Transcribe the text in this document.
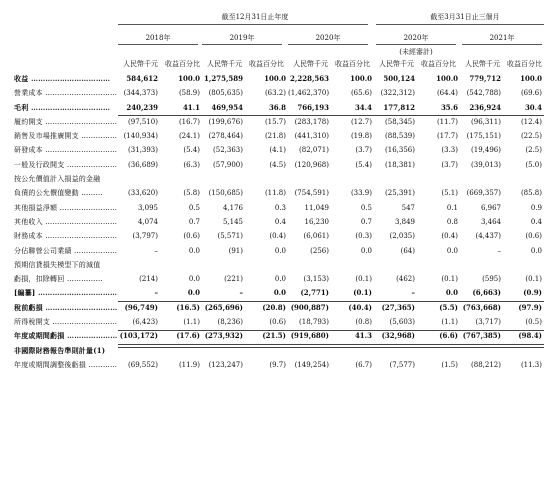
截至12月31日止年度	截至3月31日止三個月
2018年	2019年	2020年	2020年	2021年
(未經審計)
人民幣千元	收益百分比	人民幣千元	收益百分比	人民幣千元	收益百分比	人民幣千元	收益百分比	人民幣千元	收益百分比
收益 ……………………………	584,612	100.0	1,275,589	100.0	2,228,563	100.0	500,124	100.0	779,712	100.0
營業成本 …………………………	(344,373)	(58.9)	(805,635)	(63.2)	(1,462,370)	(65.6)	(322,312)	(64.4)	(542,788)	(69.6)
毛利 ……………………………	240,239	41.1	469,954	36.8	766,193	34.4	177,812	35.6	236,924	30.4
履約開支 …………………………	(97,510)	(16.7)	(199,676)	(15.7)	(283,178)	(12.7)	(58,345)	(11.7)	(96,311)	(12.4)
銷售及市場推廣開支 ……………	(140,934)	(24.1)	(278,464)	(21.8)	(441,310)	(19.8)	(88,539)	(17.7)	(175,151)	(22.5)
研發成本 …………………………	(31,393)	(5.4)	(52,363)	(4.1)	(82,071)	(3.7)	(16,356)	(3.3)	(19,496)	(2.5)
一般及行政開支 …………………	(36,689)	(6.3)	(57,900)	(4.5)	(120,968)	(5.4)	(18,381)	(3.7)	(39,013)	(5.0)
按公允價值計入損益的金融										
負債的公允價值變動 ………	(33,620)	(5.8)	(150,685)	(11.8)	(754,591)	(33.9)	(25,391)	(5.1)	(669,357)	(85.8)
其他損益淨額 ……………………	3,095	0.5	4,176	0.3	11,049	0.5	547	0.1	6,967	0.9
其他收入 …………………………	4,074	0.7	5,145	0.4	16,230	0.7	3,849	0.8	3,464	0.4
財務成本 …………………………	(3,797)	(0.6)	(5,571)	(0.4)	(6,061)	(0.3)	(2,035)	(0.4)	(4,437)	(0.6)
分佔聯營公司業績 ………………	–	0.0	(91)	0.0	(256)	0.0	(64)	0.0	–	0.0
預期信貸損失模型下的減值										
虧損，扣除轉回 ……………	(214)	0.0	(221)	0.0	(3,153)	(0.1)	(462)	(0.1)	(595)	(0.1)
[編纂] ……………………………	–	0.0	–	0.0	(2,771)	(0.1)	–	0.0	(6,663)	(0.9)
稅前虧損 …………………………	(96,749)	(16.5)	(265,696)	(20.8)	(900,887)	(40.4)	(27,365)	(5.5)	(763,668)	(97.9)
所得稅開支 ………………………	(6,423)	(1.1)	(8,236)	(0.6)	(18,793)	(0.8)	(5,603)	(1.1)	(3,717)	(0.5)
年度或期間虧損 …………………	(103,172)	(17.6)	(273,932)	(21.5)	(919,680)	41.3	(32,968)	(6.6)	(767,385)	(98.4)
非國際財務報告準則計量(1)										
年度或期間調整後虧損 …………	(69,552)	(11.9)	(123,247)	(9.7)	(149,254)	(6.7)	(7,577)	(1.5)	(88,212)	(11.3)
